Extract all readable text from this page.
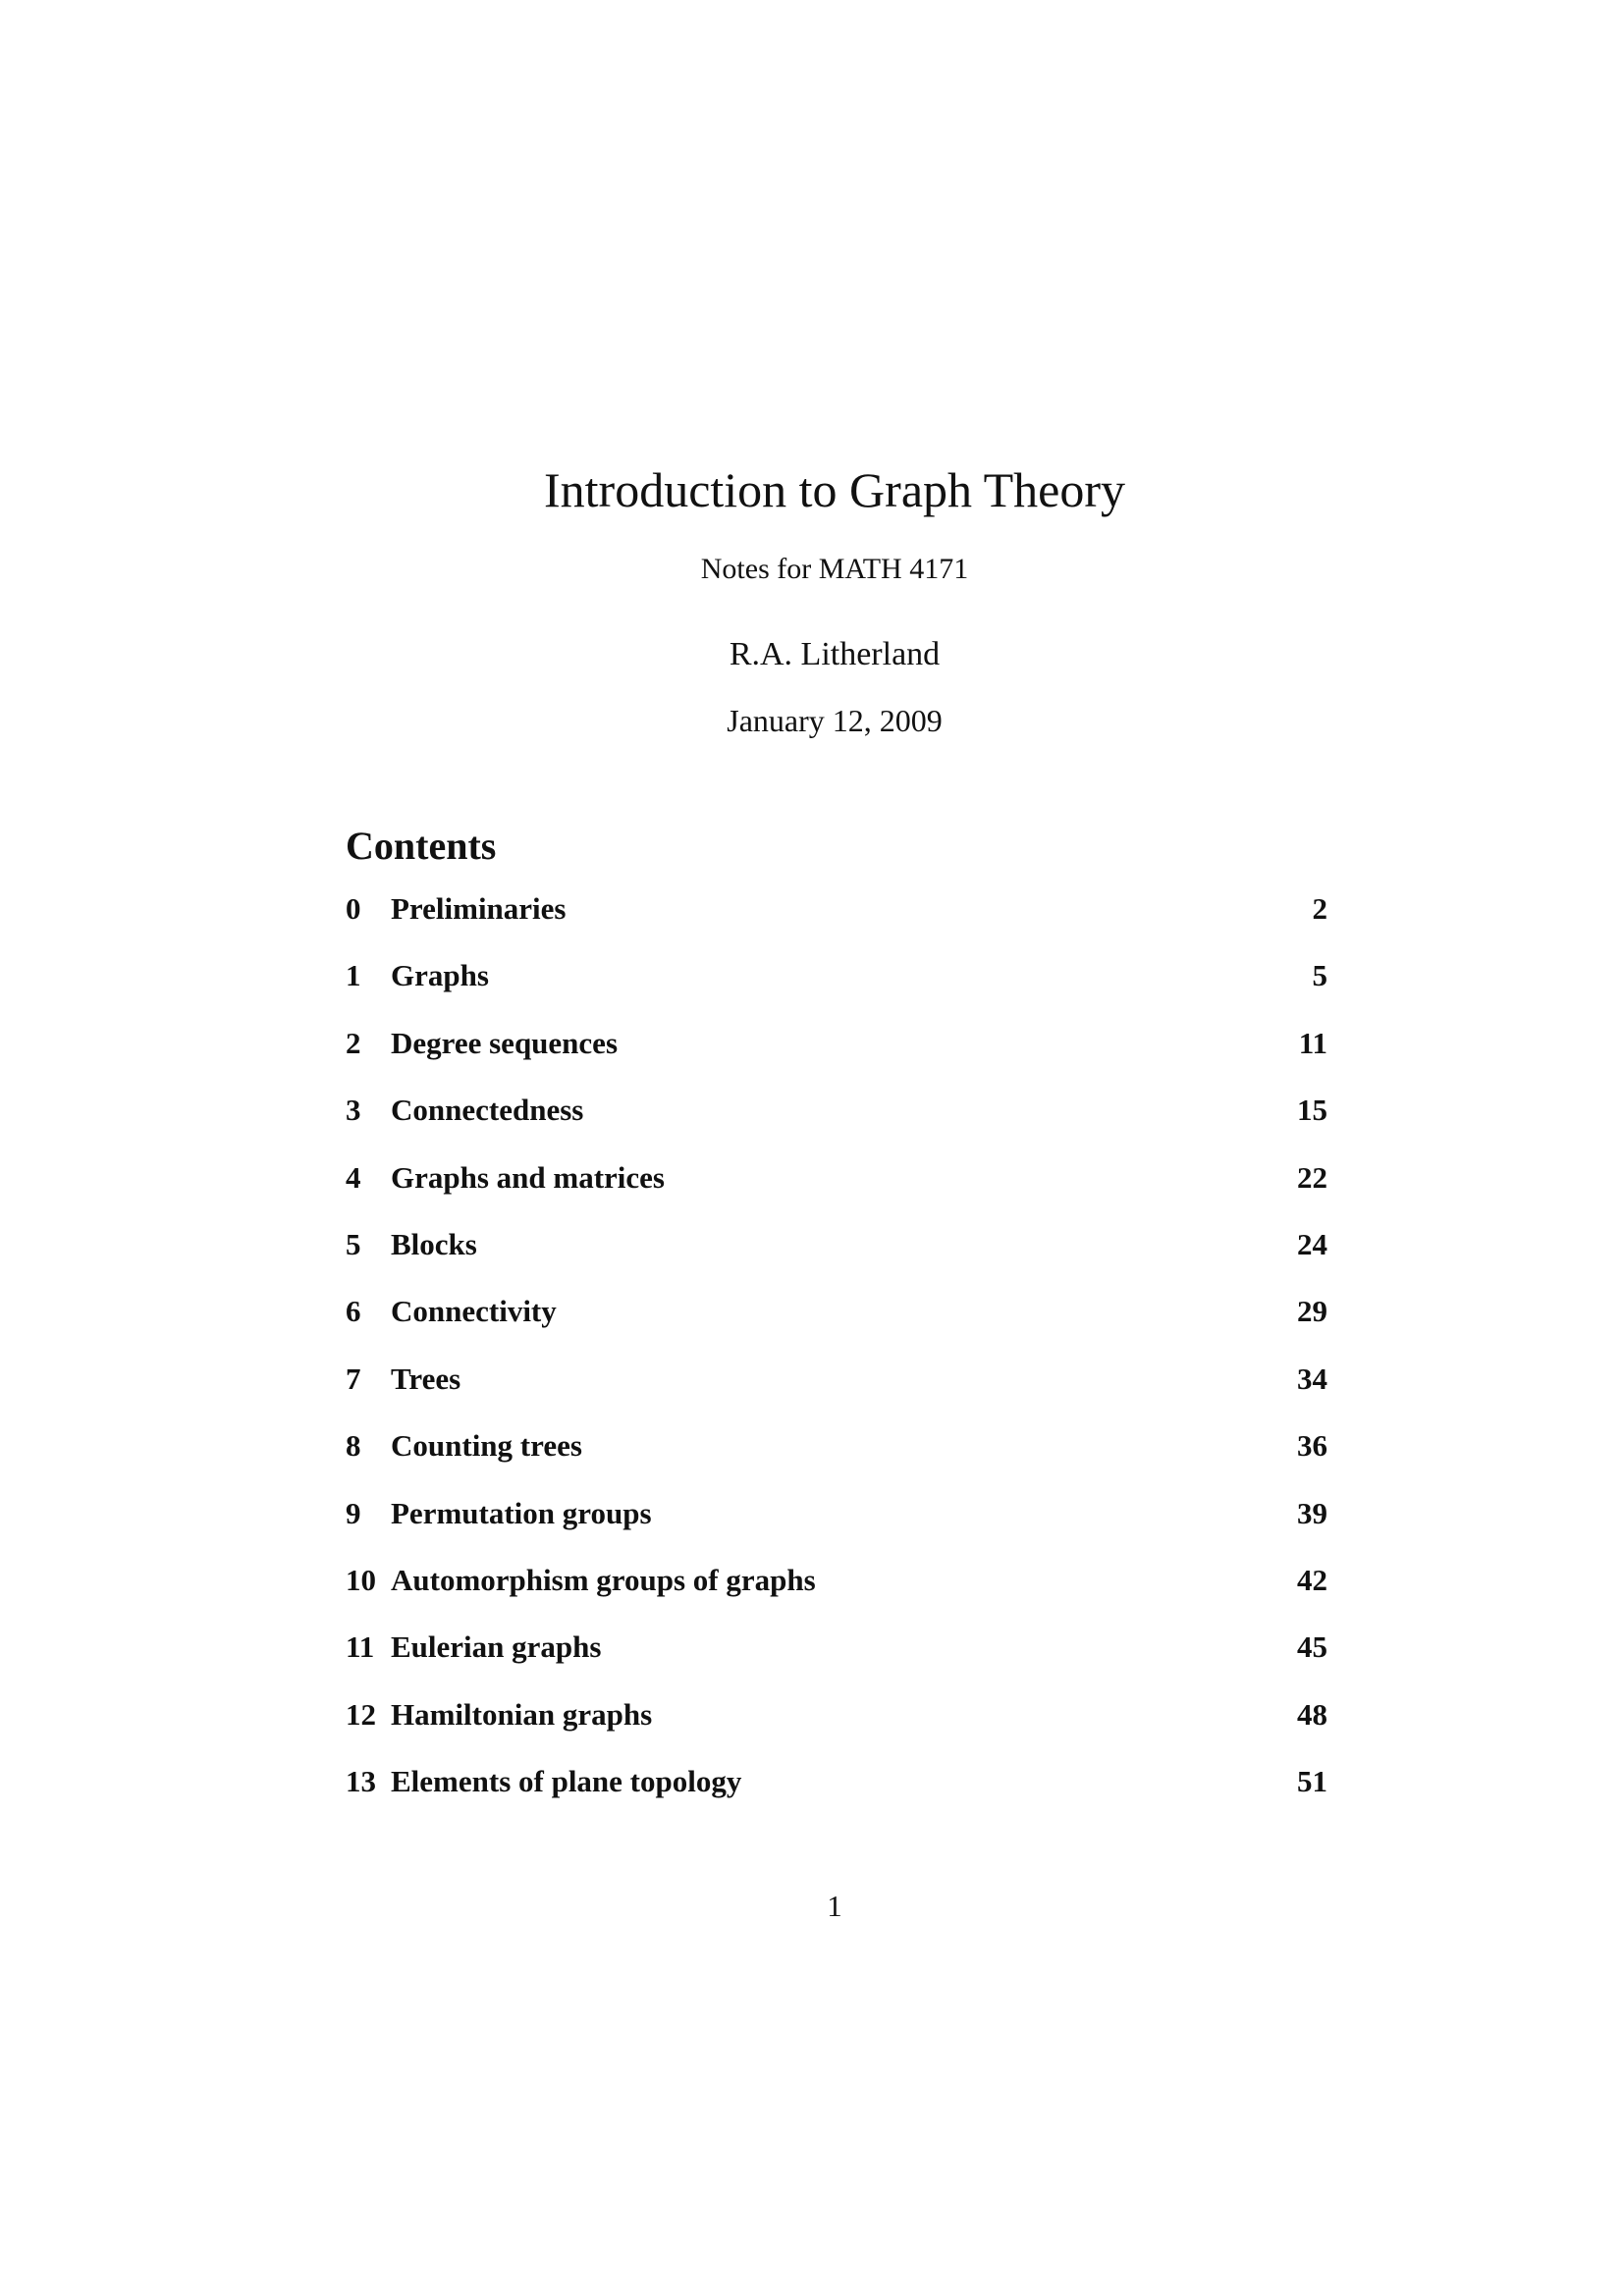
Introduction to Graph Theory
Notes for MATH 4171
R.A. Litherland
January 12, 2009
Contents
0 Preliminaries	2
1 Graphs	5
2 Degree sequences	11
3 Connectedness	15
4 Graphs and matrices	22
5 Blocks	24
6 Connectivity	29
7 Trees	34
8 Counting trees	36
9 Permutation groups	39
10 Automorphism groups of graphs	42
11 Eulerian graphs	45
12 Hamiltonian graphs	48
13 Elements of plane topology	51
1
